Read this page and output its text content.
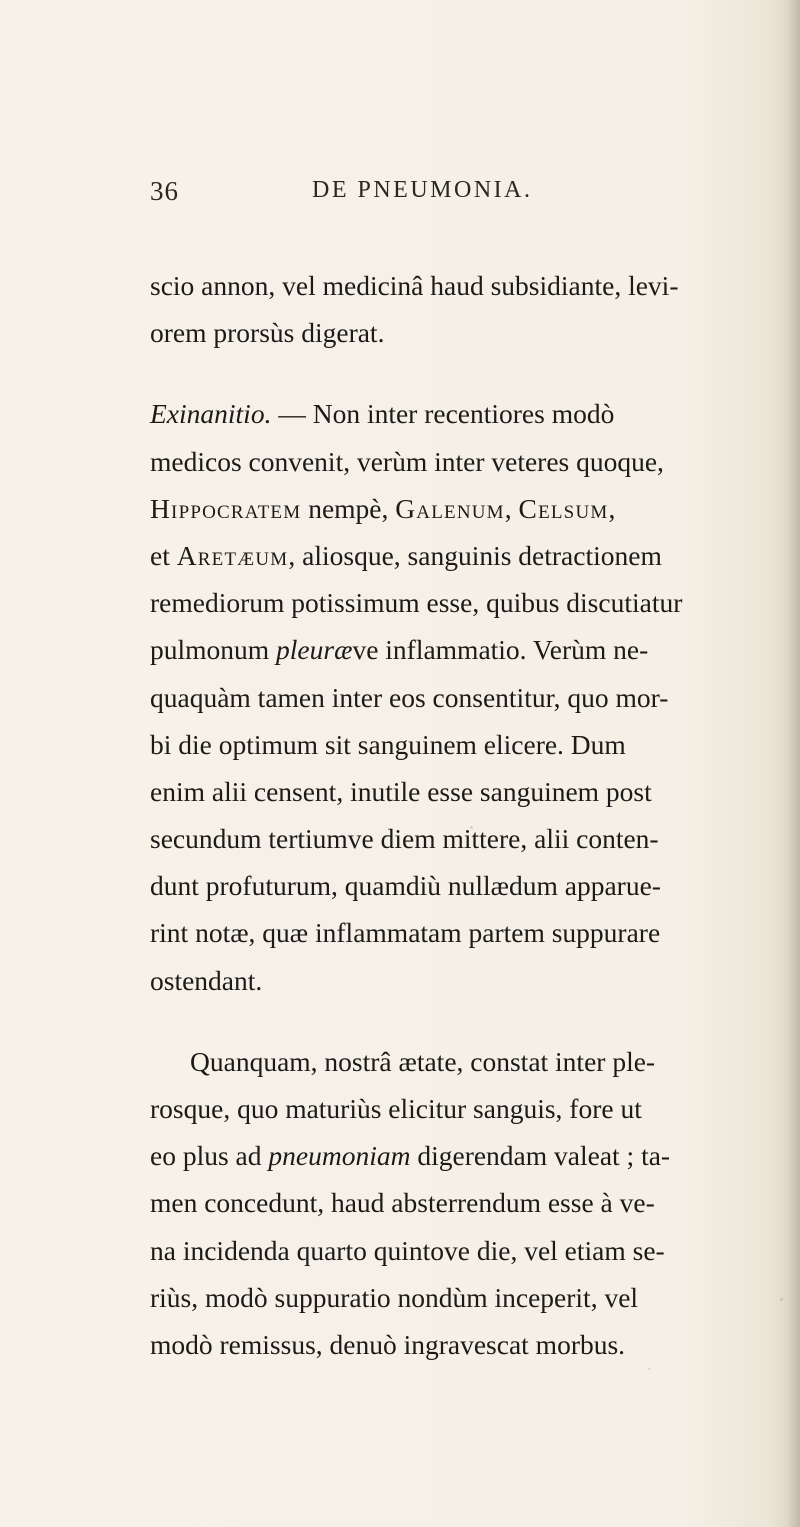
36	DE PNEUMONIA.
scio annon, vel medicinâ haud subsidiante, levi-
orem prorsùs digerat.
Exinanitio. — Non inter recentiores modò
medicos convenit, verùm inter veteres quoque,
Hippocratem nempè, Galenum, Celsum,
et Aretæum, aliosque, sanguinis detractionem
remediorum potissimum esse, quibus discutiatur
pulmonum pleuræve inflammatio. Verùm ne-
quaquàm tamen inter eos consentitur, quo mor-
bi die optimum sit sanguinem elicere. Dum
enim alii censent, inutile esse sanguinem post
secundum tertiumve diem mittere, alii conten-
dunt profuturum, quamdiù nullædum apparue-
rint notæ, quæ inflammatam partem suppurare
ostendant.
Quanquam, nostrâ ætate, constat inter ple-
rosque, quo maturiùs elicitur sanguis, fore ut
eo plus ad pneumoniam digerendam valeat ; ta-
men concedunt, haud absterrendum esse à ve-
na incidenda quarto quintove die, vel etiam se-
riùs, modò suppuratio nondùm inceperit, vel
modò remissus, denuò ingravescat morbus.
